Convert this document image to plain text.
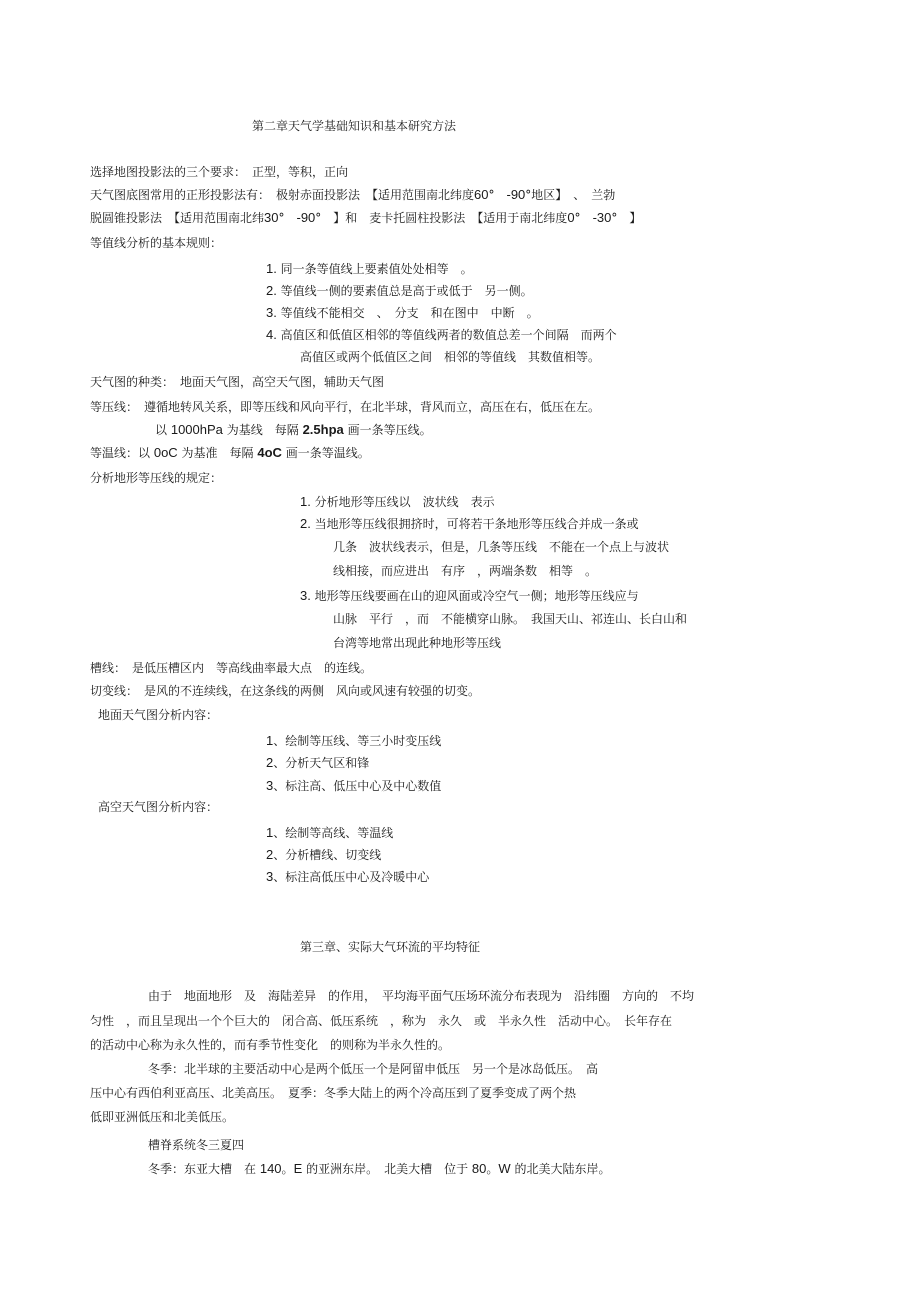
第二章天气学基础知识和基本研究方法
选择地图投影法的三个要求：　正型，等积，正向
天气图底图常用的正形投影法有：　极射赤面投影法　【适用范围南北纬度60°　-90°地区】　、　兰勃
脱圆锥投影法　【适用范围南北纬30°　-90°　】和　麦卡托圆柱投影法　【适用于南北纬度0°　-30°　】
等值线分析的基本规则：
1. 同一条等值线上要素值处处相等　。
2. 等值线一侧的要素值总是高于或低于　另一侧。
3. 等值线不能相交　、　分支　和在图中　中断　。
4. 高值区和低值区相邻的等值线两者的数值总差一个间隔　而两个
高值区或两个低值区之间　相邻的等值线　其数值相等。
天气图的种类：　地面天气图，高空天气图，辅助天气图
等压线：　遵循地转风关系，即等压线和风向平行，在北半球，背风而立，高压在右，低压在左。
以 1000hPa 为基线　每隔 2.5hpa 画一条等压线。
等温线：以 0oC 为基准　每隔 4oC 画一条等温线。
分析地形等压线的规定：
1. 分析地形等压线以　波状线　表示
2. 当地形等压线很拥挤时，可将若干条地形等压线合并成一条或
几条　波状线表示，但是，几条等压线　不能在一个点上与波状
线相接，而应进出　有序　，两端条数　相等　。
3. 地形等压线要画在山的迎风面或冷空气一侧；地形等压线应与
山脉　平行　，而　不能横穿山脉。　我国天山、祁连山、长白山和
台湾等地常出现此种地形等压线
槽线：　是低压槽区内　等高线曲率最大点　的连线。
切变线：　是风的不连续线，在这条线的两侧　风向或风速有较强的切变。
地面天气图分析内容：
1、绘制等压线、等三小时变压线
2、分析天气区和锋
3、标注高、低压中心及中心数值
高空天气图分析内容：
1、绘制等高线、等温线
2、分析槽线、切变线
3、标注高低压中心及冷暖中心
第三章、实际大气环流的平均特征
由于　地面地形　及　海陆差异　的作用，　平均海平面气压场环流分布表现为　沿纬圈　方向的　不均
匀性　，而且呈现出一个个巨大的　闭合高、低压系统　，称为　永久　或　半永久性　活动中心。　长年存在
的活动中心称为永久性的，而有季节性变化　的则称为半永久性的。
冬季：北半球的主要活动中心是两个低压一个是阿留申低压　另一个是冰岛低压。　高
压中心有西伯利亚高压、北美高压。　夏季：冬季大陆上的两个冷高压到了夏季变成了两个热
低即亚洲低压和北美低压。
槽脊系统冬三夏四
冬季：东亚大槽　在 140。E 的亚洲东岸。　北美大槽　位于 80。W 的北美大陆东岸。
